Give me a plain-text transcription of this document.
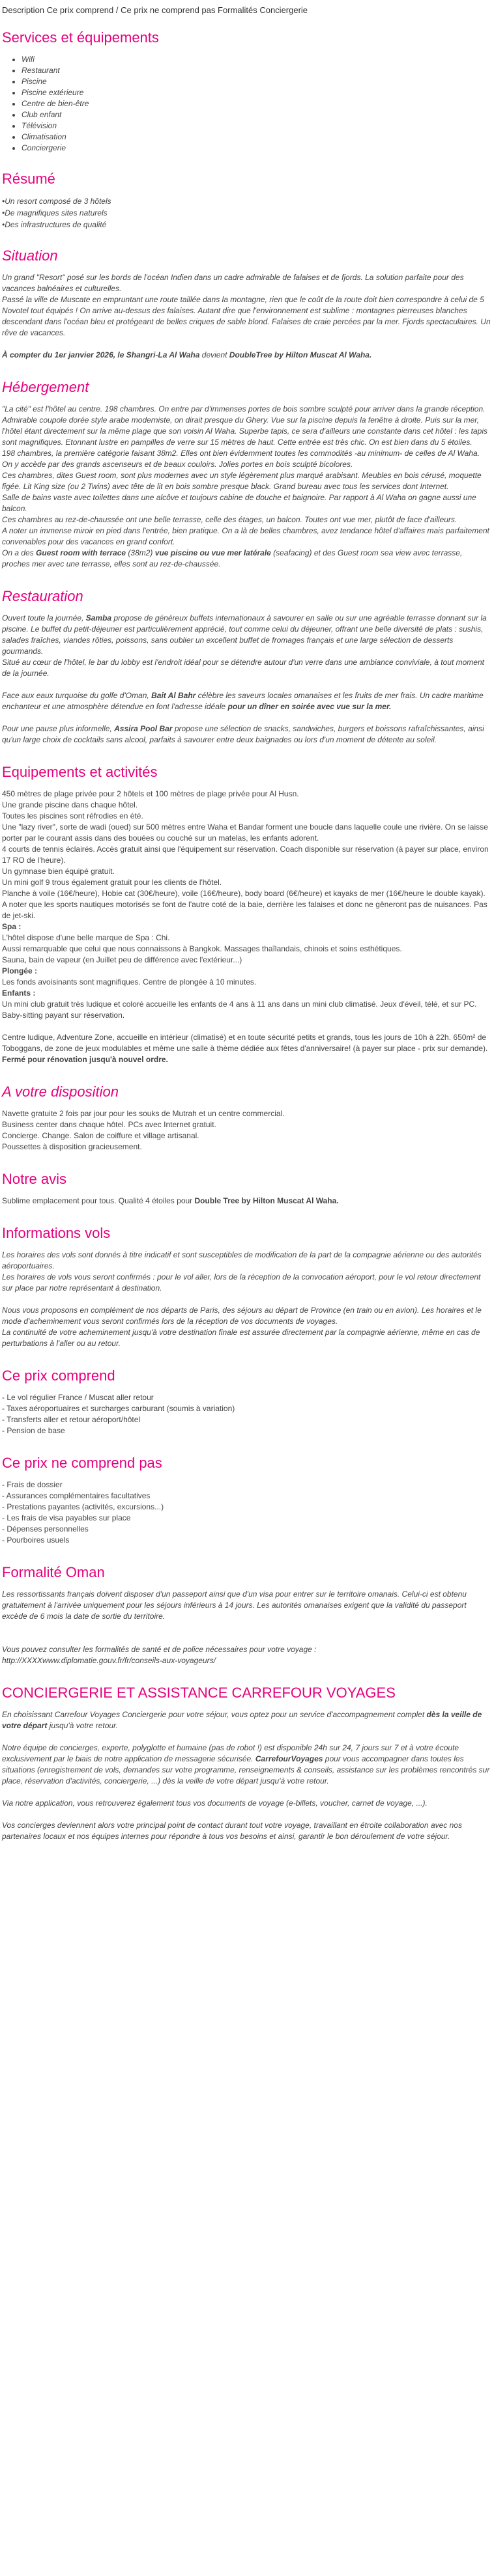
Description Ce prix comprend / Ce prix ne comprend pas Formalités Conciergerie
Services et équipements
• Wifi
• Restaurant
• Piscine
• Piscine extérieure
• Centre de bien-être
• Club enfant
• Télévision
• Climatisation
• Conciergerie
Résumé
• Un resort composé de 3 hôtels
• De magnifiques sites naturels
• Des infrastructures de qualité
Situation

Un grand "Resort" posé sur les bords de l'océan Indien dans un cadre admirable de falaises et de fjords. La solution parfaite pour des vacances balnéaires et culturelles.

Passé la ville de Muscate en empruntant une route taillée dans la montagne, rien que le coût de la route doit bien correspondre à celui de 5 Novotel tout équipés ! On arrive au-dessus des falaises. Autant dire que l'environnement est sublime : montagnes pierreuses blanches descendant dans l'océan bleu et protégeant de belles criques de sable blond. Falaises de craie percées par la mer. Fjords spectaculaires. Un rêve de vacances.

À compter du 1er janvier 2026, le Shangri-La Al Waha devient DoubleTree by Hilton Muscat Al Waha.

Hébergement

"La cité" est l'hôtel au centre. 198 chambres. On entre par d'immenses portes de bois sombre sculpté pour arriver dans la grande réception. Admirable coupole dorée style arabe moderniste, on dirait presque du Ghery. Vue sur la piscine depuis la fenêtre à droite. Puis sur la mer, l'hôtel étant directement sur la même plage que son voisin Al Waha. Superbe tapis, ce sera d'ailleurs une constante dans cet hôtel : les tapis sont magnifiques. Etonnant lustre en pampilles de verre sur 15 mètres de haut. Cette entrée est très chic. On est bien dans du 5 étoiles.

198 chambres, la première catégorie faisant 38m2. Elles ont bien évidemment toutes les commodités -au minimum- de celles de Al Waha. On y accède par des grands ascenseurs et de beaux couloirs. Jolies portes en bois sculpté bicolores.

Ces chambres, dites Guest room, sont plus modernes avec un style légèrement plus marqué arabisant. Meubles en bois cérusé, moquette figée. Lit King size (ou 2 Twins) avec tête de lit en bois sombre presque black. Grand bureau avec tous les services dont Internet.

Salle de bains vaste avec toilettes dans une alcôve et toujours cabine de douche et baignoire. Par rapport à Al Waha on gagne aussi une balcon.

Ces chambres au rez-de-chaussée ont une belle terrasse, celle des étages, un balcon. Toutes ont vue mer, plutôt de face d'ailleurs.

A noter un immense miroir en pied dans l'entrée, bien pratique. On a là de belles chambres, avez tendance hôtel d'affaires mais parfaitement convenables pour des vacances en grand confort.

On a des Guest room with terrace (38m2) vue piscine ou vue mer latérale (seafacing) et des Guest room sea view avec terrasse, proches mer avec une terrasse, elles sont au rez-de-chaussée.

Restauration

Ouvert toute la journée, Samba propose de généreux buffets internationaux à savourer en salle ou sur une agréable terrasse donnant sur la piscine. Le buffet du petit-déjeuner est particulièrement apprécié, tout comme celui du déjeuner, offrant une belle diversité de plats : sushis, salades fraîches, viandes rôties, poissons, sans oublier un excellent buffet de fromages français et une large sélection de desserts gourmands.

Situé au cœur de l'hôtel, le bar du lobby est l'endroit idéal pour se détendre autour d'un verre dans une ambiance conviviale, à tout moment de la journée.

Face aux eaux turquoise du golfe d'Oman, Bait Al Bahr célèbre les saveurs locales omanaises et les fruits de mer frais. Un cadre maritime enchanteur et une atmosphère détendue en font l'adresse idéale pour un dîner en soirée avec vue sur la mer.

Pour une pause plus informelle, Assira Pool Bar propose une sélection de snacks, sandwiches, burgers et boissons rafraîchissantes, ainsi qu'un large choix de cocktails sans alcool, parfaits à savourer entre deux baignades ou lors d'un moment de détente au soleil.

Equipements et activités

450 mètres de plage privée pour 2 hôtels et 100 mètres de plage privée pour Al Husn.

Une grande piscine dans chaque hôtel.

Toutes les piscines sont réfrodies en été.

Une "lazy river", sorte de wadi (oued) sur 500 mètres entre Waha et Bandar forment une boucle dans laquelle coule une rivière. On se laisse porter par le courant assis dans des bouées ou couché sur un matelas, les enfants adorent.

4 courts de tennis éclairés. Accès gratuit ainsi que l'équipement sur réservation. Coach disponible sur réservation (à payer sur place, environ 17 RO de l'heure).

Un gymnase bien équipé gratuit.

Un mini golf 9 trous également gratuit pour les clients de l'hôtel.

Planche à voile (16€/heure), Hobie cat (30€/heure), voile (16€/heure), body board (6€/heure) et kayaks de mer (16€/heure le double kayak).

A noter que les sports nautiques motorisés se font de l'autre coté de la baie, derrière les falaises et donc ne gêneront pas de nuisances. Pas de jet-ski.

Spa :

L'hôtel dispose d'une belle marque de Spa : Chi.

Aussi remarquable que celui que nous connaissons à Bangkok. Massages thaïlandais, chinois et soins esthétiques.

Sauna, bain de vapeur (en Juillet peu de différence avec l'extérieur...)

Plongée :

Les fonds avoisinants sont magnifiques. Centre de plongée à 10 minutes.

Enfants :

Un mini club gratuit très ludique et coloré accueille les enfants de 4 ans à 11 ans dans un mini club climatisé. Jeux d'éveil, télé, et sur PC.

Baby-sitting payant sur réservation.

Centre ludique, Adventure Zone, accueille en intérieur (climatisé) et en toute sécurité petits et grands, tous les jours de 10h à 22h. 650m² de Toboggans, de zone de jeux modulables et même une salle à thème dédiée aux fêtes d'anniversaire! (à payer sur place - prix sur demande). Fermé pour rénovation jusqu'à nouvel ordre.

A votre disposition

Navette gratuite 2 fois par jour pour les souks de Mutrah et un centre commercial.

Business center dans chaque hôtel. PCs avec Internet gratuit.

Concierge. Change. Salon de coiffure et village artisanal.

Poussettes à disposition gracieusement.

Notre avis

Sublime emplacement pour tous. Qualité 4 étoiles pour Double Tree by Hilton Muscat Al Waha.

Informations vols

Les horaires des vols sont donnés à titre indicatif et sont susceptibles de modification de la part de la compagnie aérienne ou des autorités aéroportuaires.

Les horaires de vols vous seront confirmés : pour le vol aller, lors de la réception de la convocation aéroport, pour le vol retour directement sur place par notre représentant à destination.

Nous vous proposons en complément de nos départs de Paris, des séjours au départ de Province (en train ou en avion). Les horaires et le mode d'acheminement vous seront confirmés lors de la réception de vos documents de voyages.

La continuité de votre acheminement jusqu'à votre destination finale est assurée directement par la compagnie aérienne, même en cas de perturbations à l'aller ou au retour.

Ce prix comprend

- Le vol régulier France / Muscat aller retour

- Taxes aéroportuaires et surcharges carburant (soumis à variation)

- Transferts aller et retour aéroport/hôtel

- Pension de base

Ce prix ne comprend pas

- Frais de dossier

- Assurances complémentaires facultatives

- Prestations payantes (activités, excursions...)

- Les frais de visa payables sur place

- Dépenses personnelles

- Pourboires usuels

Formalité Oman

Les ressortissants français doivent disposer d'un passeport ainsi que d'un visa pour entrer sur le territoire omanais. Celui-ci est obtenu gratuitement à l'arrivée uniquement pour les séjours inférieurs à 14 jours. Les autorités omanaises exigent que la validité du passeport excède de 6 mois la date de sortie du territoire.

Vous pouvez consulter les formalités de santé et de police nécessaires pour votre voyage :

http://XXXXwww.diplomatie.gouv.fr/fr/conseils-aux-voyageurs/

CONCIERGERIE ET ASSISTANCE CARREFOUR VOYAGES

En choisissant Carrefour Voyages Conciergerie pour votre séjour, vous optez pour un service d'accompagnement complet dès la veille de votre départ jusqu'à votre retour.

Notre équipe de concierges, experte, polyglotte et humaine (pas de robot !) est disponible 24h sur 24, 7 jours sur 7 et à votre écoute exclusivement par le biais de notre application de messagerie sécurisée. CarrefourVoyages pour vous accompagner dans toutes les situations (enregistrement de vols, demandes sur votre programme, renseignements & conseils, assistance sur les problèmes rencontrés sur place, réservation d'activités, conciergerie, ...) dès la veille de votre départ jusqu'à votre retour.

Via notre application, vous retrouverez également tous vos documents de voyage (e-billets, voucher, carnet de voyage, ...).

Vos concierges deviennent alors votre principal point de contact durant tout votre voyage, travaillant en étroite collaboration avec nos partenaires locaux et nos équipes internes pour répondre à tous vos besoins et ainsi, garantir le bon déroulement de votre séjour.
